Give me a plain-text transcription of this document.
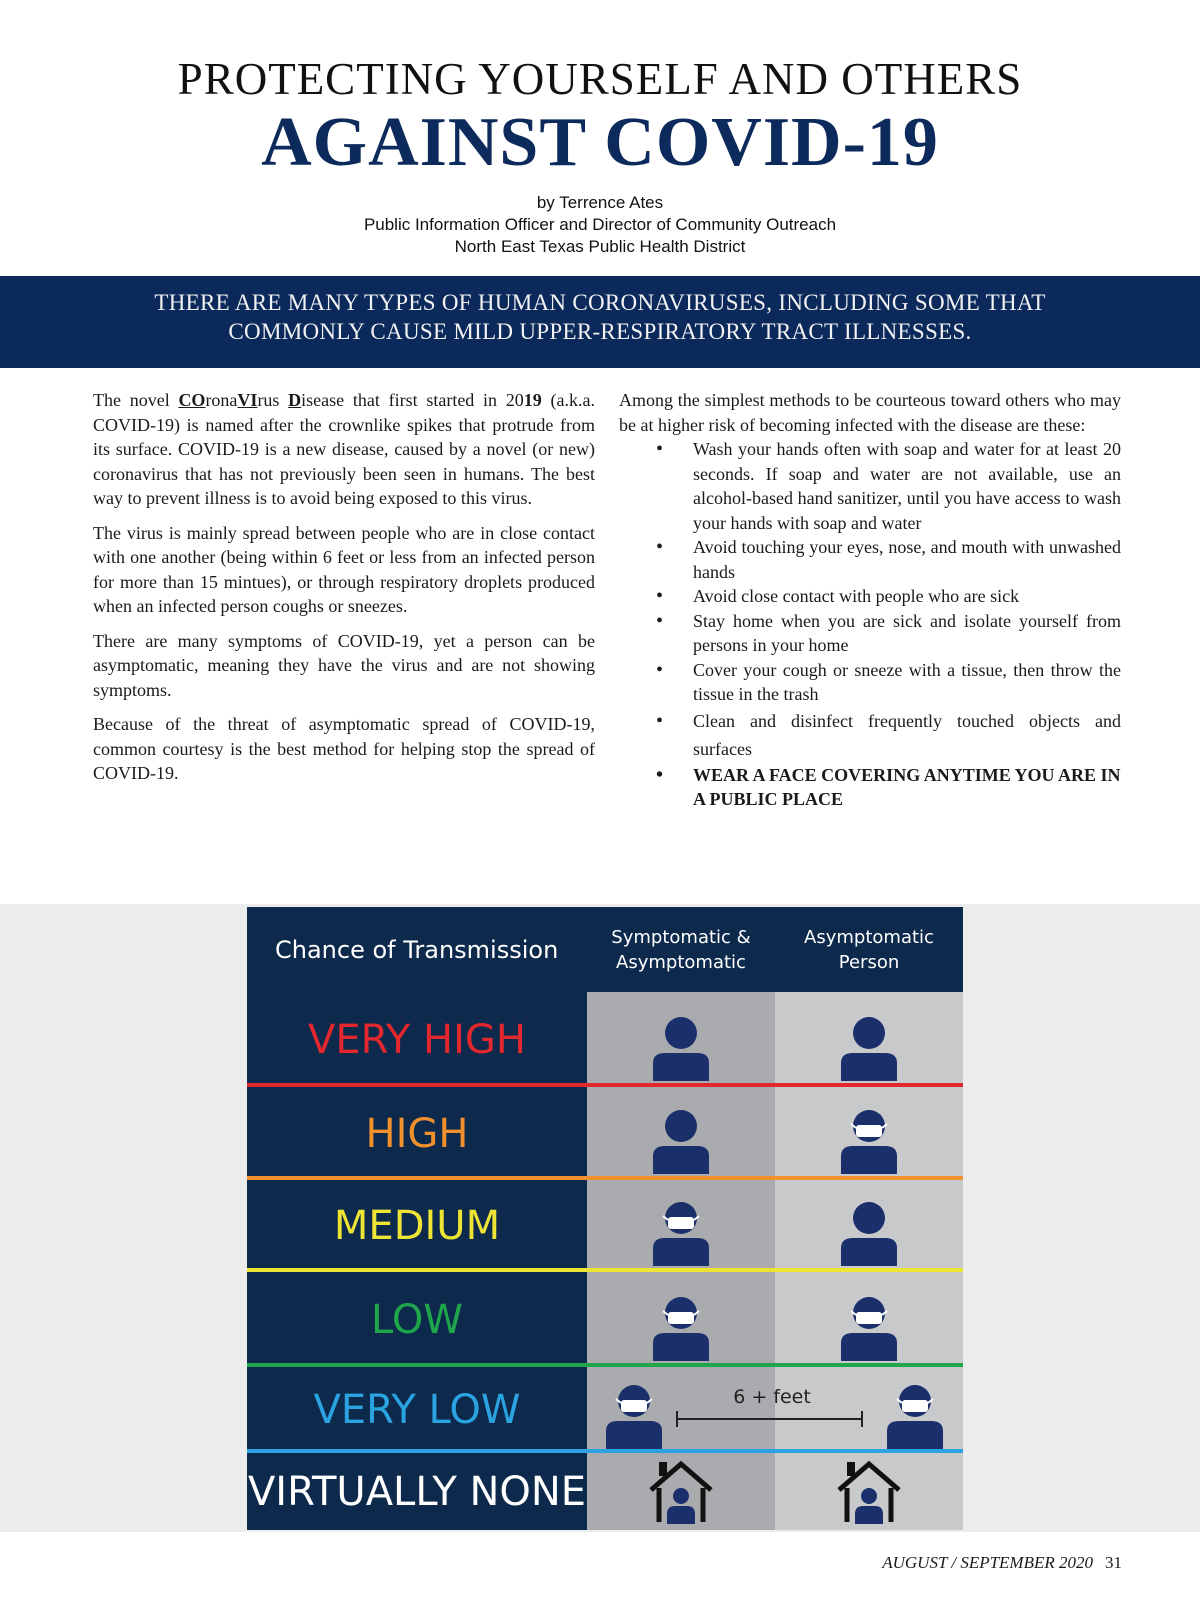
PROTECTING YOURSELF AND OTHERS
AGAINST COVID-19
by Terrence Ates
Public Information Officer and Director of Community Outreach
North East Texas Public Health District
THERE ARE MANY TYPES OF HUMAN CORONAVIRUSES, INCLUDING SOME THAT
COMMONLY CAUSE MILD UPPER-RESPIRATORY TRACT ILLNESSES.

The novel COronaVIrus Disease that first started in 2019 (a.k.a. COVID-19) is named after the crownlike spikes that protrude from its surface. COVID-19 is a new disease, caused by a novel (or new) coronavirus that has not previously been seen in humans. The best way to prevent illness is to avoid being exposed to this virus.

The virus is mainly spread between people who are in close contact with one another (being within 6 feet or less from an infected person for more than 15 mintues), or through respiratory droplets produced when an infected person coughs or sneezes.

There are many symptoms of COVID-19, yet a person can be asymptomatic, meaning they have the virus and are not showing symptoms.

Because of the threat of asymptomatic spread of COVID-19, common courtesy is the best method for helping stop the spread of COVID-19.

Among the simplest methods to be courteous toward others who may be at higher risk of becoming infected with the disease are these:
• Wash your hands often with soap and water for at least 20 seconds. If soap and water are not available, use an alcohol-based hand sanitizer, until you have access to wash your hands with soap and water
• Avoid touching your eyes, nose, and mouth with unwashed hands
• Avoid close contact with people who are sick
• Stay home when you are sick and isolate yourself from persons in your home
• Cover your cough or sneeze with a tissue, then throw the tissue in the trash
• Clean and disinfect frequently touched objects and surfaces
• WEAR A FACE COVERING ANYTIME YOU ARE IN A PUBLIC PLACE
Chance of Transmission	Symptomatic &
Asymptomatic
Asymptomatic
Person
VERY HIGH
HIGH
MEDIUM
LOW
VERY LOW	6 + feet
VIRTUALLY NONE
AUGUST / SEPTEMBER 2020 31
